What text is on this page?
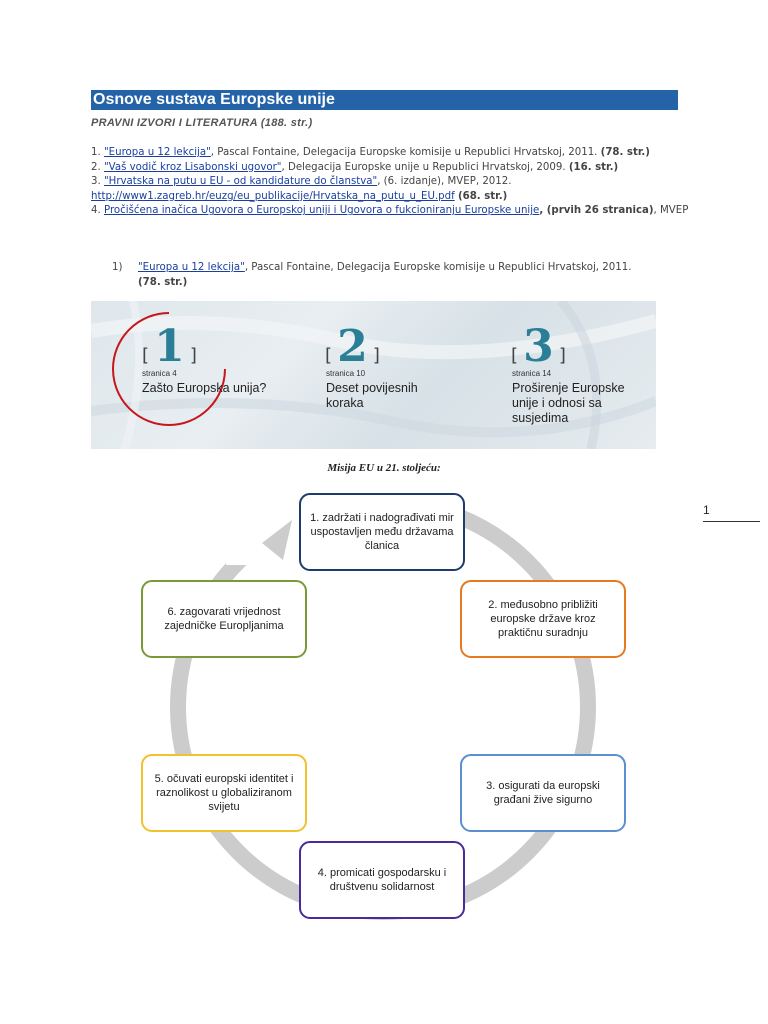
Osnove sustava Europske unije
PRAVNI IZVORI I LITERATURA (188. str.)
1. "Europa u 12 lekcija", Pascal Fontaine, Delegacija Europske komisije u Republici Hrvatskoj, 2011. (78. str.)
2. "Vaš vodič kroz Lisabonski ugovor", Delegacija Europske unije u Republici Hrvatskoj, 2009. (16. str.)
3. "Hrvatska na putu u EU - od kandidature do članstva", (6. izdanje), MVEP, 2012.
http://www1.zagreb.hr/euzg/eu_publikacije/Hrvatska_na_putu_u_EU.pdf (68. str.)
4. Pročišćena inačica Ugovora o Europskoj uniji i Ugovora o fukcioniranju Europske unije, (prvih 26 stranica), MVEP
1) "Europa u 12 lekcija", Pascal Fontaine, Delegacija Europske komisije u Republici Hrvatskoj, 2011.
(78. str.)
[ 1 ]
stranica 4
Zašto Europska unija?
[ 2 ]
stranica 10
Deset povijesnih koraka
[ 3 ]
stranica 14
Proširenje Europske unije i odnosi sa susjedima
Misija EU u 21. stoljeću:
1
1. zadržati i nadograđivati mir uspostavljen među državama članica
2. međusobno približiti europske države kroz praktičnu suradnju
3. osigurati da europski građani žive sigurno
4. promicati gospodarsku i društvenu solidarnost
5. očuvati europski identitet i raznolikost u globaliziranom svijetu
6. zagovarati vrijednost zajedničke Europljanima
